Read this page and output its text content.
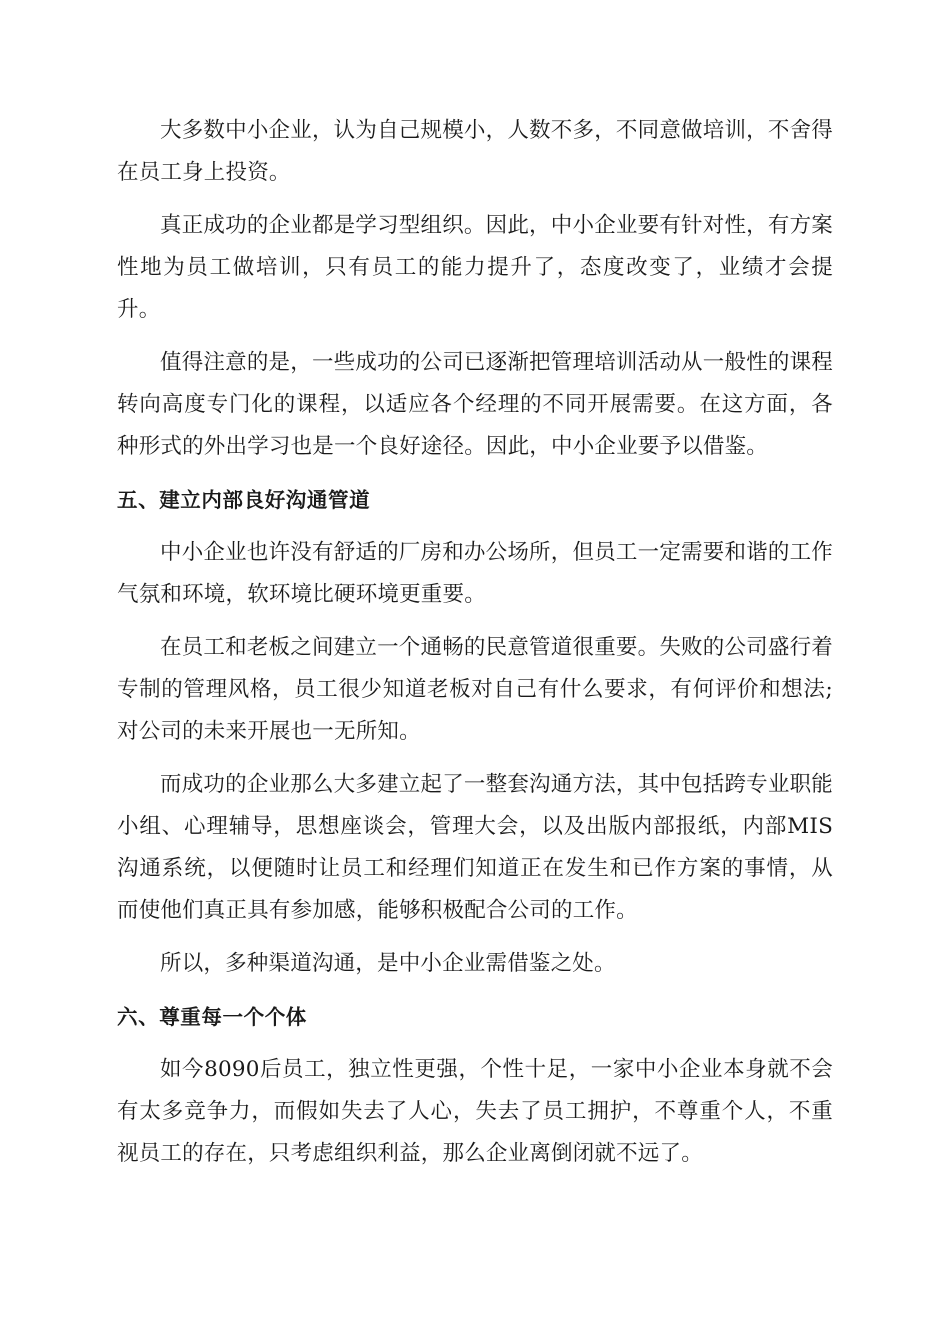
大多数中小企业，认为自己规模小，人数不多，不同意做培训，不舍得在员工身上投资。

真正成功的企业都是学习型组织。因此，中小企业要有针对性，有方案性地为员工做培训，只有员工的能力提升了，态度改变了，业绩才会提升。

值得注意的是，一些成功的公司已逐渐把管理培训活动从一般性的课程转向高度专门化的课程，以适应各个经理的不同开展需要。在这方面，各种形式的外出学习也是一个良好途径。因此，中小企业要予以借鉴。

五、建立内部良好沟通管道

中小企业也许没有舒适的厂房和办公场所，但员工一定需要和谐的工作气氛和环境，软环境比硬环境更重要。

在员工和老板之间建立一个通畅的民意管道很重要。失败的公司盛行着专制的管理风格，员工很少知道老板对自己有什么要求，有何评价和想法;对公司的未来开展也一无所知。

而成功的企业那么大多建立起了一整套沟通方法，其中包括跨专业职能小组、心理辅导，思想座谈会，管理大会，以及出版内部报纸，内部MIS沟通系统，以便随时让员工和经理们知道正在发生和已作方案的事情，从而使他们真正具有参加感，能够积极配合公司的工作。

所以，多种渠道沟通，是中小企业需借鉴之处。

六、尊重每一个个体

如今8090后员工，独立性更强，个性十足，一家中小企业本身就不会有太多竞争力，而假如失去了人心，失去了员工拥护，不尊重个人，不重视员工的存在，只考虑组织利益，那么企业离倒闭就不远了。
